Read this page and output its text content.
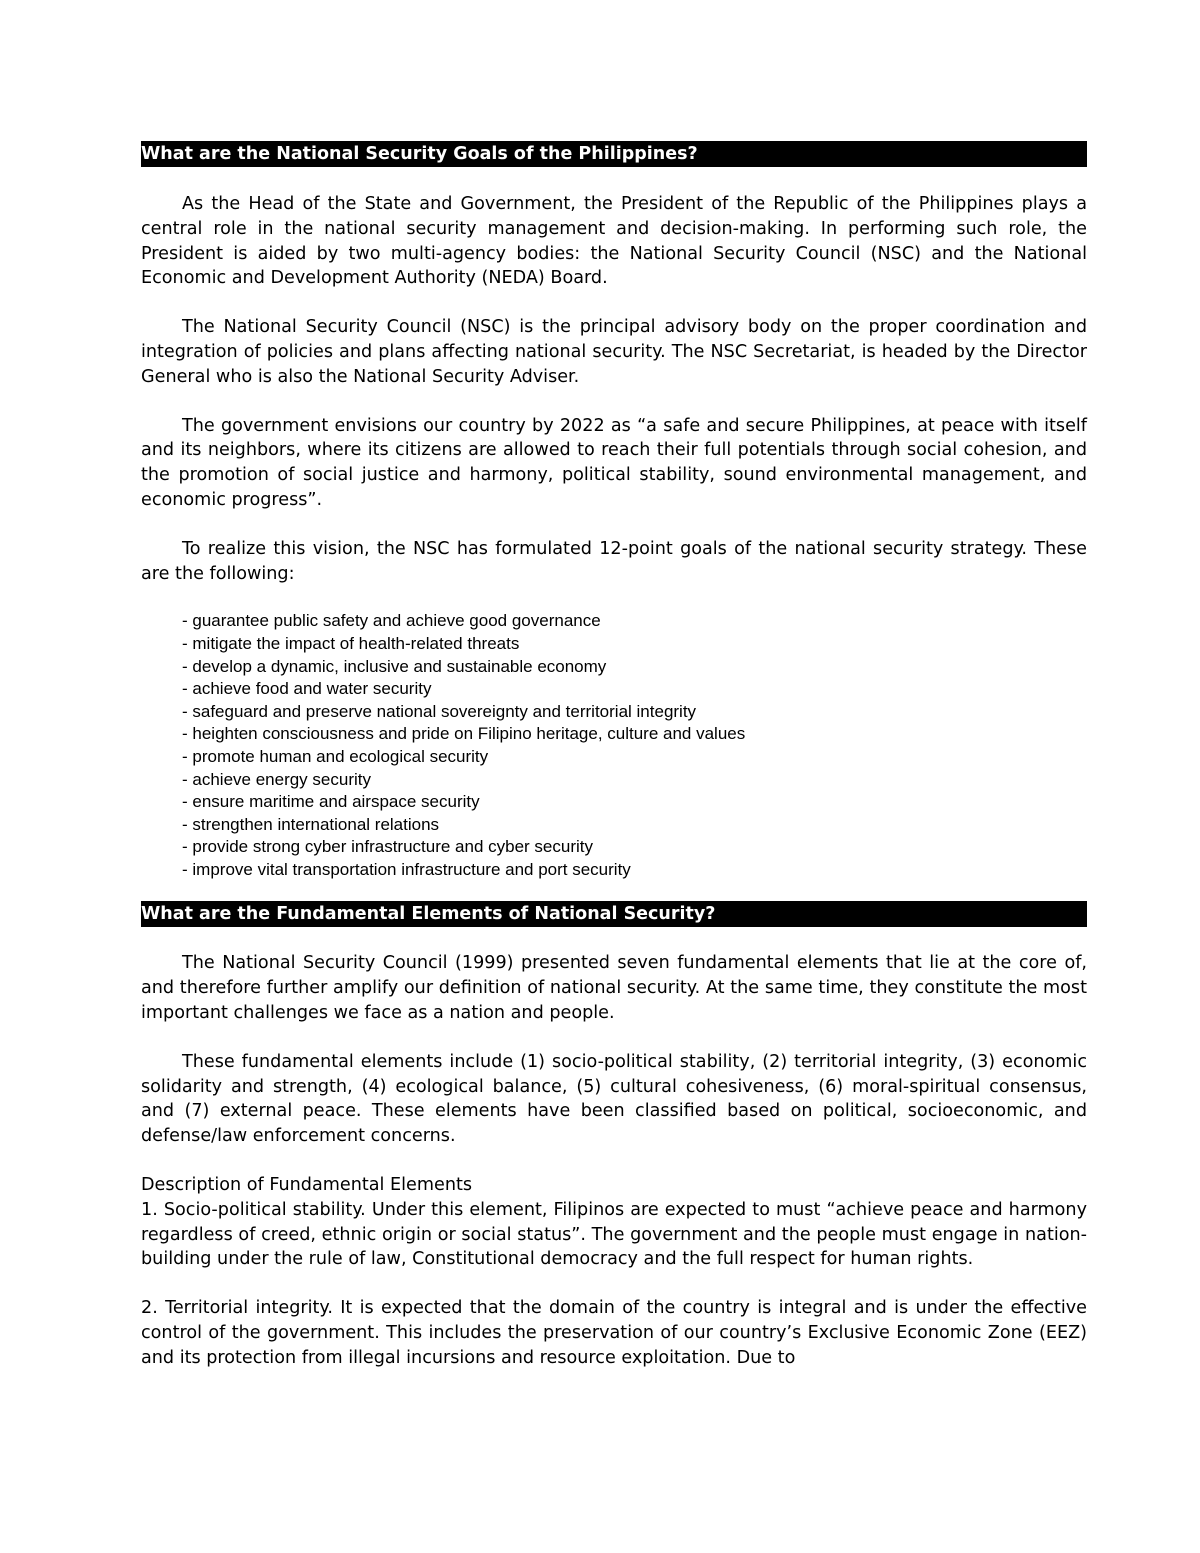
What are the National Security Goals of the Philippines?

As the Head of the State and Government, the President of the Republic of the Philippines plays a central role in the national security management and decision-making. In performing such role, the President is aided by two multi-agency bodies: the National Security Council (NSC) and the National Economic and Development Authority (NEDA) Board.

The National Security Council (NSC) is the principal advisory body on the proper coordination and integration of policies and plans affecting national security. The NSC Secretariat, is headed by the Director General who is also the National Security Adviser.

The government envisions our country by 2022 as “a safe and secure Philippines, at peace with itself and its neighbors, where its citizens are allowed to reach their full potentials through social cohesion, and the promotion of social justice and harmony, political stability, sound environmental management, and economic progress”.

To realize this vision, the NSC has formulated 12-point goals of the national security strategy. These are the following:

- guarantee public safety and achieve good governance
- mitigate the impact of health-related threats
- develop a dynamic, inclusive and sustainable economy
- achieve food and water security
- safeguard and preserve national sovereignty and territorial integrity
- heighten consciousness and pride on Filipino heritage, culture and values
- promote human and ecological security
- achieve energy security
- ensure maritime and airspace security
- strengthen international relations
- provide strong cyber infrastructure and cyber security
- improve vital transportation infrastructure and port security
What are the Fundamental Elements of National Security?

The National Security Council (1999) presented seven fundamental elements that lie at the core of, and therefore further amplify our definition of national security. At the same time, they constitute the most important challenges we face as a nation and people.

These fundamental elements include (1) socio-political stability, (2) territorial integrity, (3) economic solidarity and strength, (4) ecological balance, (5) cultural cohesiveness, (6) moral-spiritual consensus, and (7) external peace. These elements have been classified based on political, socioeconomic, and defense/law enforcement concerns.

Description of Fundamental Elements

1. Socio-political stability. Under this element, Filipinos are expected to must “achieve peace and harmony regardless of creed, ethnic origin or social status”. The government and the people must engage in nation-building under the rule of law, Constitutional democracy and the full respect for human rights.

2. Territorial integrity. It is expected that the domain of the country is integral and is under the effective control of the government. This includes the preservation of our country’s Exclusive Economic Zone (EEZ) and its protection from illegal incursions and resource exploitation. Due to
